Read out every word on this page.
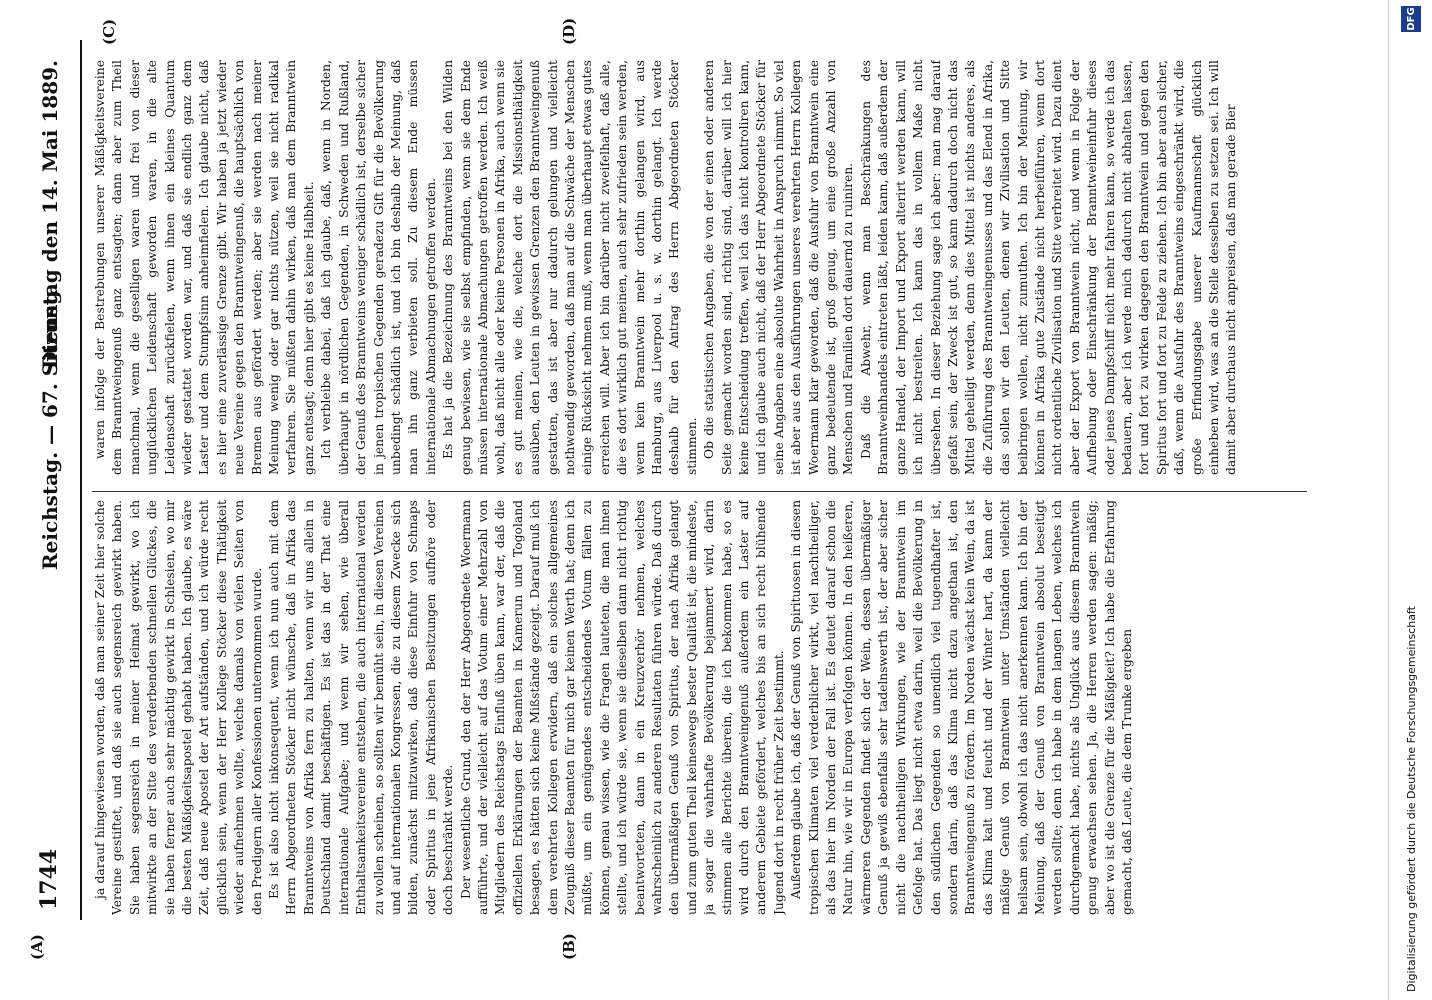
1744
Reichstag. — 67. Sitzung.
Dienstag den 14. Mai 1889.
(A)	(B)
(C)	(D)

ja darauf hingewiesen worden, daß man seiner Zeit hier solche Vereine gestiftet, und daß sie auch segensreich gewirkt haben. Sie haben segensreich in meiner Heimat gewirkt, wo ich mitwirkte an der Sitte des verderbenden schnellen Glückes, die sie haben ferner auch sehr mächtig gewirkt in Schlesien, wo mir die besten Mäßigkeitsapostel gehabt haben. Ich glaube, es wäre Zeit, daß neue Apostel der Art aufständen, und ich würde recht glücklich sein, wenn der Herr Kollege Stöcker diese Thätigkeit wieder aufnehmen wollte, welche damals von vielen Seiten von den Predigern aller Konfessionen unternommen wurde. Es ist also nicht inkonsequent, wenn ich nun auch mit dem Herrn Abgeordneten Stöcker nicht wünsche, daß in Afrika das Branntweins von Afrika fern zu halten, wenn wir uns allein in Deutschland damit beschäftigen. Es ist das in der That eine internationale Aufgabe; und wenn wir sehen, wie überall Enthaltsamkeitsvereine entstehen, die auch international werden zu wollen scheinen, so sollten wir bemüht sein, in diesen Vereinen und auf internationalen Kongressen, die zu diesem Zwecke sich bilden, zunächst mitzuwirken, daß diese Einfuhr von Schnaps oder Spiritus in jene Afrikanischen Besitzungen aufhöre oder doch beschränkt werde. Der wesentliche Grund, den der Herr Abgeordnete Woermann aufführte, und der vielleicht auf das Votum einer Mehrzahl von Mitgliedern des Reichstags Einfluß üben kann, war der, daß die offiziellen Erklärungen der Beamten in Kamerun und Togoland besagen, es hätten sich keine Mißstände gezeigt. Darauf muß ich dem verehrten Kollegen erwidern, daß ein solches allgemeines Zeugniß dieser Beamten für mich gar keinen Werth hat; denn ich müßte, um ein genügendes entscheidendes Votum fällen zu können, genau wissen, wie die Fragen lauteten, die man ihnen stellte, und ich würde sie, wenn sie dieselben dann nicht richtig beantworteten, dann in ein Kreuzverhör nehmen, welches wahrscheinlich zu anderen Resultaten führen würde. Daß durch den übermäßigen Genuß von Spiritus, der nach Afrika gelangt und zum guten Theil keineswegs bester Qualität ist, die mindeste, ja sogar die wahrhafte Bevölkerung bejammert wird, darin stimmen alle Berichte überein, die ich bekommen habe, so es wird durch den Branntweingenuß außerdem ein Laster auf anderem Gebiete gefördert, welches bis an sich recht blühende Jugend dort in recht früher Zeit bestimmt. Außerdem glaube ich, daß der Genuß von Spirituosen in diesen tropischen Klimaten viel verderblicher wirkt, viel nachtheiliger, als das hier im Norden der Fall ist. Es deutet darauf schon die Natur hin, wie wir in Europa verfolgen können. In den heißeren, wärmeren Gegenden findet sich der Wein, dessen übermäßiger Genuß ja gewiß ebenfalls sehr tadelnswerth ist, der aber sicher nicht die nachtheiligen Wirkungen, wie der Branntwein im Gefolge hat. Das liegt nicht etwa darin, weil die Bevölkerung in den südlichen Gegenden so unendlich viel tugendhafter ist, sondern darin, daß das Klima nicht dazu angethan ist, den Branntweingenuß zu fördern. Im Norden wächst kein Wein, da ist das Klima kalt und feucht und der Winter hart, da kann der mäßige Genuß von Branntwein unter Umständen vielleicht heilsam sein, obwohl ich das nicht anerkennen kann. Ich bin der Meinung, daß der Genuß von Branntwein absolut beseitigt werden sollte; denn ich habe in dem langen Leben, welches ich durchgemacht habe, nichts als Unglück aus diesem Branntwein genug erwachsen sehen. Ja, die Herren werden sagen: mäßig; aber wo ist die Grenze für die Mäßigkeit? Ich habe die Erfahrung gemacht, daß Leute, die dem Trunke ergeben

waren infolge der Bestrebungen unserer Mäßigkeitsvereine dem Branntweingenuß ganz entsagten; dann aber zum Theil manchmal, wenn die geselligen waren und frei von dieser unglücklichen Leidenschaft geworden waren, in die alte Leidenschaft zurückfielen, wenn ihnen ein kleines Quantum wieder gestattet worden war, und daß sie endlich ganz dem Laster und dem Stumpfsinn anheimfielen. Ich glaube nicht, daß es hier eine zuverlässige Grenze gibt. Wir haben ja jetzt wieder neue Vereine gegen den Branntweingenuß, die hauptsächlich von Bremen aus gefördert werden; aber sie werden nach meiner Meinung wenig oder gar nichts nützen, weil sie nicht radikal verfahren. Sie müßten dahin wirken, daß man dem Branntwein ganz entsagt; denn hier gibt es keine Halbheit. Ich verbleibe dabei, daß ich glaube, daß, wenn in Norden, überhaupt in nördlichen Gegenden, in Schweden und Rußland, der Genuß des Branntweins weniger schädlich ist, derselbe sicher in jenen tropischen Gegenden geradezu Gift für die Bevölkerung unbedingt schädlich ist, und ich bin deshalb der Meinung, daß man ihn ganz verbieten soll. Zu diesem Ende müssen internationale Abmachungen getroffen werden. Es hat ja die Bezeichnung des Branntweins bei den Wilden genug bewiesen, wie sie selbst empfinden, wenn sie dem Ende müssen internationale Abmachungen getroffen werden. Ich weiß wohl, daß nicht alle oder keine Personen in Afrika, auch wenn sie es gut meinen, wie die, welche dort die Missionsthätigkeit ausüben, den Leuten in gewissen Grenzen den Branntweingenuß gestatten, das ist aber nur dadurch gelungen und vielleicht nothwendig geworden, daß man auf die Schwäche der Menschen einige Rücksicht nehmen muß, wenn man überhaupt etwas gutes erreichen will. Aber ich bin darüber nicht zweifelhaft, daß alle, die es dort wirklich gut meinen, auch sehr zufrieden sein werden, wenn kein Branntwein mehr dorthin gelangen wird, aus Hamburg, aus Liverpool u. s. w. dorthin gelangt. Ich werde deshalb für den Antrag des Herrn Abgeordneten Stöcker stimmen. Ob die statistischen Angaben, die von der einen oder anderen Seite gemacht worden sind, richtig sind, darüber will ich hier keine Entscheidung treffen, weil ich das nicht kontroliren kann, und ich glaube auch nicht, daß der Herr Abgeordnete Stöcker für seine Angaben eine absolute Wahrheit in Anspruch nimmt. So viel ist aber aus den Ausführungen unseres verehrten Herrn Kollegen Woermann klar geworden, daß die Ausfuhr von Branntwein eine ganz bedeutende ist, groß genug, um eine große Anzahl von Menschen und Familien dort dauernd zu ruiniren. Daß die Abwehr, wenn man Beschränkungen des Branntweinhandels eintreten läßt, leiden kann, daß außerdem der ganze Handel, der Import und Export alterirt werden kann, will ich nicht bestreiten. Ich kann das in vollem Maße nicht übersehen. In dieser Beziehung sage ich aber: man mag darauf gefaßt sein, der Zweck ist gut, so kann dadurch doch nicht das Mittel geheiligt werden, denn dies Mittel ist nichts anderes, als die Zuführung des Branntweingenusses und das Elend in Afrika, das sollen wir den Leuten, denen wir Zivilisation und Sitte beibringen wollen, nicht zumuthen. Ich bin der Meinung, wir können in Afrika gute Zustände nicht herbeiführen, wenn dort nicht ordentliche Zivilisation und Sitte verbreitet wird. Dazu dient aber der Export von Branntwein nicht, und wenn in Folge der Aufhebung oder Einschränkung der Branntweineinfuhr dieses oder jenes Dampfschiff nicht mehr fahren kann, so werde ich das bedauern, aber ich werde mich dadurch nicht abhalten lassen, fort und fort zu wirken dagegen den Branntwein und gegen den Spiritus fort und fort zu Felde zu ziehen. Ich bin aber auch sicher, daß, wenn die Ausfuhr des Branntweins eingeschränkt wird, die große Erfindungsgabe unserer Kaufmannschaft glücklich einheben wird, was an die Stelle desselben zu setzen sei. Ich will damit aber durchaus nicht anpreisen, daß man gerade Bier

Digitalisierung gefördert durch die Deutsche Forschungsgemeinschaft
DFG
